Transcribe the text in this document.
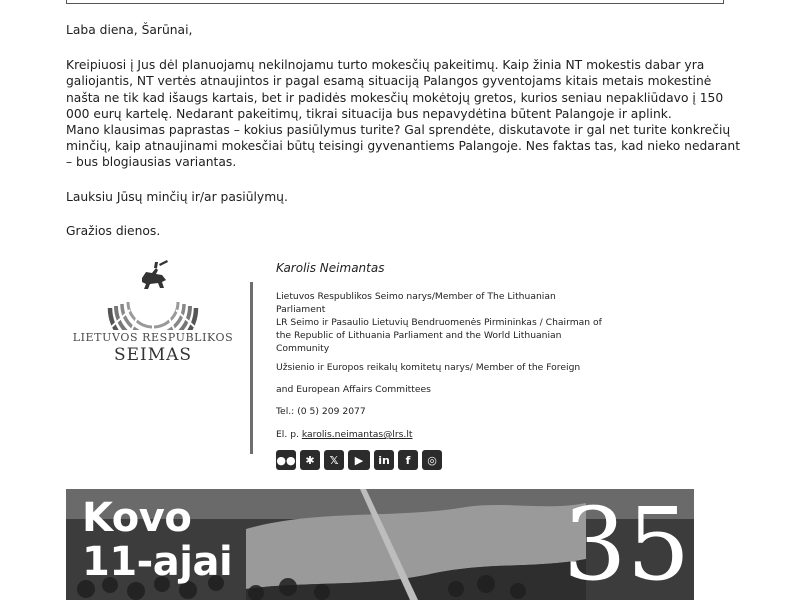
Laba diena, Šarūnai,

Kreipiuosi į Jus dėl planuojamų nekilnojamu turto mokesčių pakeitimų. Kaip žinia NT mokestis dabar yra galiojantis, NT vertės atnaujintos ir pagal esamą situaciją Palangos gyventojams kitais metais mokestinė našta ne tik kad išaugs kartais, bet ir padidės mokesčių mokėtojų gretos, kurios seniau nepakliūdavo į 150 000 eurų kartelę. Nedarant pakeitimų, tikrai situacija bus nepavydėtina būtent Palangoje ir aplink.

Mano klausimas paprastas – kokius pasiūlymus turite? Gal sprendėte, diskutavote ir gal net turite konkrečių minčių, kaip atnaujinami mokesčiai būtų teisingi gyvenantiems Palangoje. Nes faktas tas, kad nieko nedarant – bus blogiausias variantas.

Lauksiu Jūsų minčių ir/ar pasiūlymų.

Gražios dienos.

LIETUVOS RESPUBLIKOS
SEIMAS
Karolis Neimantas

Lietuvos Respublikos Seimo narys/Member of The Lithuanian Parliament

LR Seimo ir Pasaulio Lietuvių Bendruomenės Pirmininkas / Chairman of the Republic of Lithuania Parliament and the World Lithuanian Community

Užsienio ir Europos reikalų komitetų narys/ Member of the Foreign

and European Affairs Committees

Tel.: (0 5) 209 2077

El. p. karolis.neimantas@lrs.lt

●● ✱	𝕏	▶	in	f	◎
Kovo
11-ajai	35
